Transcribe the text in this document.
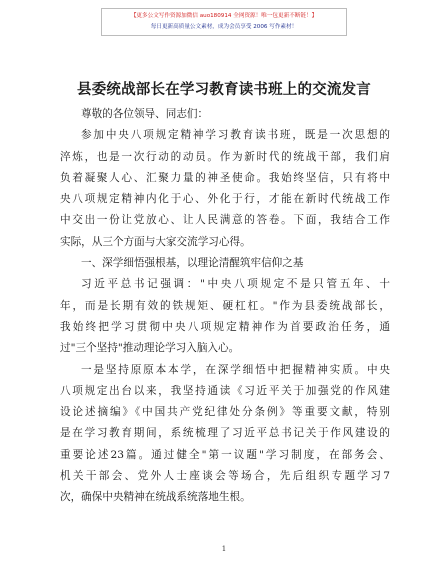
【更多公文写作资源加微信 auo180914 全网资源！唯一包更新不断链！】
每日更新高质量公文素材，成为会员享受 2006 写作素材！
县委统战部长在学习教育读书班上的交流发言
尊敬的各位领导、同志们：
参加中央八项规定精神学习教育读书班，既是一次思想的
淬炼，也是一次行动的动员。作为新时代的统战干部，我们肩
负着凝聚人心、汇聚力量的神圣使命。我始终坚信，只有将中
央八项规定精神内化于心、外化于行，才能在新时代统战工作
中交出一份让党放心、让人民满意的答卷。下面，我结合工作
实际，从三个方面与大家交流学习心得。
一、深学细悟强根基，以理论清醒筑牢信仰之基
习近平总书记强调："中央八项规定不是只管五年、十
年，而是长期有效的铁规矩、硬杠杠。"作为县委统战部长，
我始终把学习贯彻中央八项规定精神作为首要政治任务，通
过"三个坚持"推动理论学习入脑入心。
一是坚持原原本本学，在深学细悟中把握精神实质。中央
八项规定出台以来，我坚持通读《习近平关于加强党的作风建
设论述摘编》《中国共产党纪律处分条例》等重要文献，特别
是在学习教育期间，系统梳理了习近平总书记关于作风建设的
重要论述23篇。通过健全"第一议题"学习制度，在部务会、
机关干部会、党外人士座谈会等场合，先后组织专题学习7
次，确保中央精神在统战系统落地生根。
1
